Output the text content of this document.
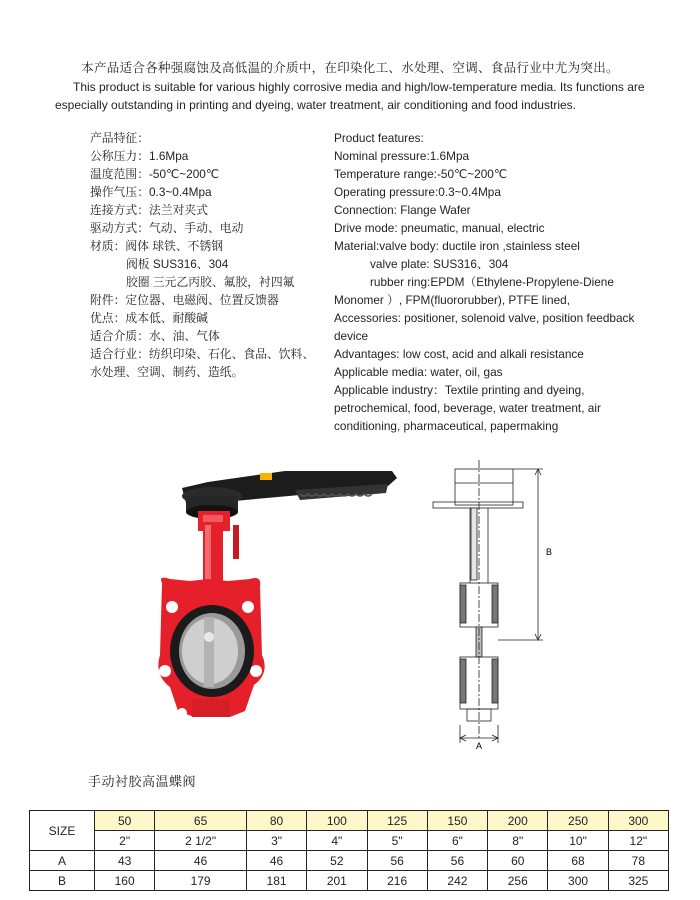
本产品适合各种强腐蚀及高低温的介质中，在印染化工、水处理、空调、食品行业中尤为突出。
This product is suitable for various highly corrosive media and high/low-temperature media. Its functions are especially outstanding in printing and dyeing, water treatment, air conditioning and food industries.
产品特征：
公称压力：1.6Mpa
温度范围：-50℃~200℃
操作气压：0.3~0.4Mpa
连接方式：法兰对夹式
驱动方式：气动、手动、电动
材质：阀体 球铁、不锈钢
阀板 SUS316、304
胶圈 三元乙丙胶、氟胶，衬四氟
附件：定位器、电磁阀、位置反馈器
优点：成本低、耐酸碱
适合介质：水、油、气体
适合行业：纺织印染、石化、食品、饮料、
水处理、空调、制药、造纸。
Product features:
Nominal pressure:1.6Mpa
Temperature range:-50℃~200℃
Operating pressure:0.3~0.4Mpa
Connection: Flange Wafer
Drive mode: pneumatic, manual, electric
Material:valve body: ductile iron ,stainless steel
valve plate: SUS316、304
rubber ring:EPDM（Ethylene-Propylene-Diene
Monomer ）, FPM(fluororubber), PTFE lined,
Accessories: positioner, solenoid valve, position feedback device
Advantages: low cost, acid and alkali resistance
Applicable media: water, oil, gas
Applicable industry：Textile printing and dyeing, petrochemical, food, beverage, water treatment, air conditioning, pharmaceutical, papermaking
B
A
手动衬胶高温蝶阀
SIZE	50	65	80	100	125	150	200	250	300
	2"	2 1/2"	3"	4"	5"	6"	8"	10"	12"
A	43	46	46	52	56	56	60	68	78
B	160	179	181	201	216	242	256	300	325
